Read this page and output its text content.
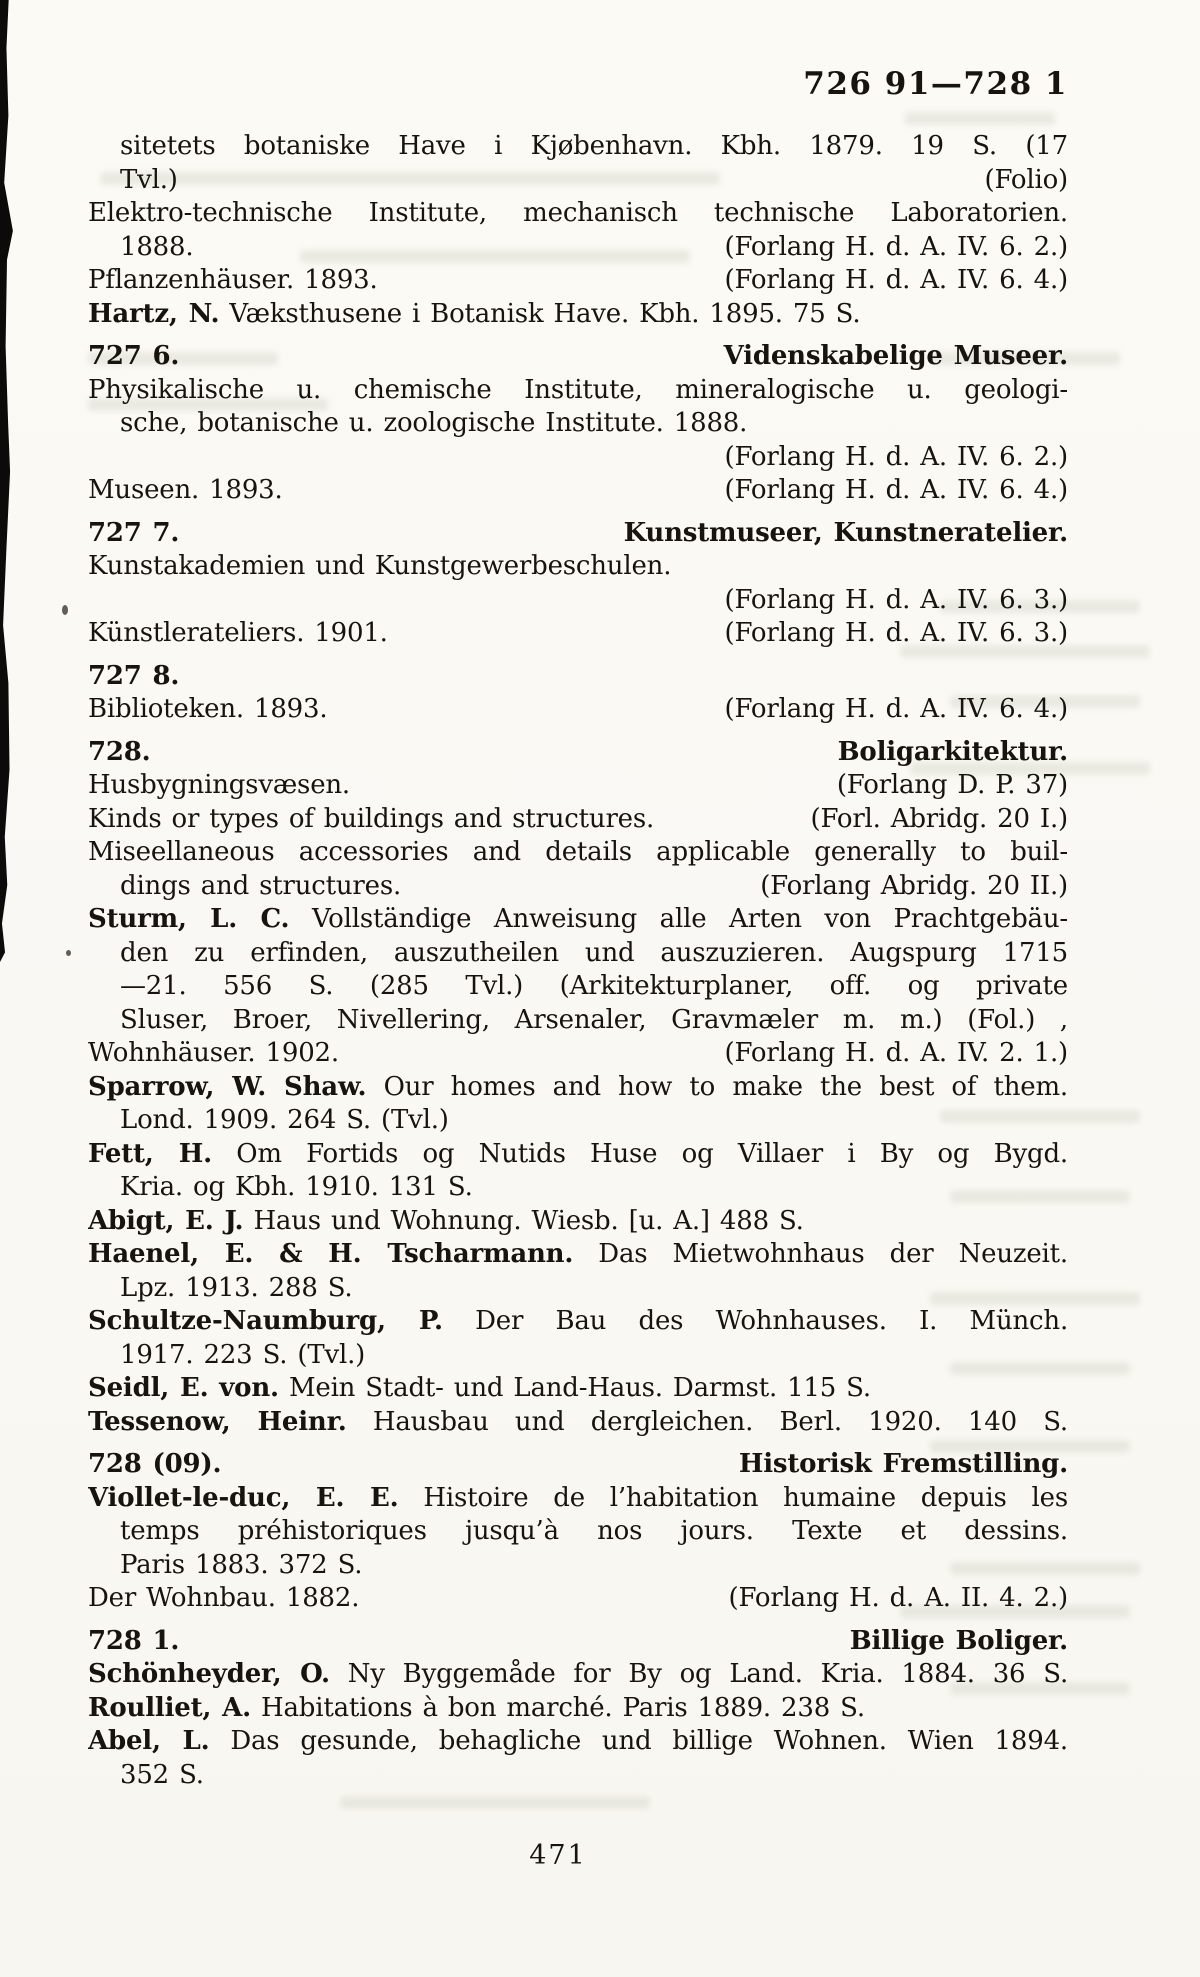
726 91—728 1
sitetets botaniske Have i Kjøbenhavn. Kbh. 1879. 19 S. (17
Tvl.)	(Folio)
Elektro-technische Institute, mechanisch technische Laboratorien.
1888.	(Forlang H. d. A. IV. 6. 2.)
Pflanzenhäuser. 1893.	(Forlang H. d. A. IV. 6. 4.)
Hartz, N. Væksthusene i Botanisk Have. Kbh. 1895. 75 S.
727 6.	Videnskabelige Museer.
Physikalische u. chemische Institute, mineralogische u. geologi-
sche, botanische u. zoologische Institute. 1888.
(Forlang H. d. A. IV. 6. 2.)
Museen. 1893.	(Forlang H. d. A. IV. 6. 4.)
727 7.	Kunstmuseer, Kunstneratelier.
Kunstakademien und Kunstgewerbeschulen.
(Forlang H. d. A. IV. 6. 3.)
Künstlerateliers. 1901.	(Forlang H. d. A. IV. 6. 3.)
727 8.
Biblioteken. 1893.	(Forlang H. d. A. IV. 6. 4.)
728.	Boligarkitektur.
Husbygningsvæsen.	(Forlang D. P. 37)
Kinds or types of buildings and structures.	(Forl. Abridg. 20 I.)
Miseellaneous accessories and details applicable generally to buil-
dings and structures.	(Forlang Abridg. 20 II.)
Sturm, L. C. Vollständige Anweisung alle Arten von Prachtgebäu-
den zu erfinden, auszutheilen und auszuzieren. Augspurg 1715
—21. 556 S. (285 Tvl.) (Arkitekturplaner, off. og private
Sluser, Broer, Nivellering, Arsenaler, Gravmæler m. m.) (Fol.) ,
Wohnhäuser. 1902.	(Forlang H. d. A. IV. 2. 1.)
Sparrow, W. Shaw. Our homes and how to make the best of them.
Lond. 1909. 264 S. (Tvl.)
Fett, H. Om Fortids og Nutids Huse og Villaer i By og Bygd.
Kria. og Kbh. 1910. 131 S.
Abigt, E. J. Haus und Wohnung. Wiesb. [u. A.] 488 S.
Haenel, E. & H. Tscharmann. Das Mietwohnhaus der Neuzeit.
Lpz. 1913. 288 S.
Schultze-Naumburg, P. Der Bau des Wohnhauses. I. Münch.
1917. 223 S. (Tvl.)
Seidl, E. von. Mein Stadt- und Land-Haus. Darmst. 115 S.
Tessenow, Heinr. Hausbau und dergleichen. Berl. 1920. 140 S.
728 (09).	Historisk Fremstilling.
Viollet-le-duc, E. E. Histoire de l’habitation humaine depuis les
temps préhistoriques jusqu’à nos jours. Texte et dessins.
Paris 1883. 372 S.
Der Wohnbau. 1882.	(Forlang H. d. A. II. 4. 2.)
728 1.	Billige Boliger.
Schönheyder, O. Ny Byggemåde for By og Land. Kria. 1884. 36 S.
Roulliet, A. Habitations à bon marché. Paris 1889. 238 S.
Abel, L. Das gesunde, behagliche und billige Wohnen. Wien 1894.
352 S.
471
